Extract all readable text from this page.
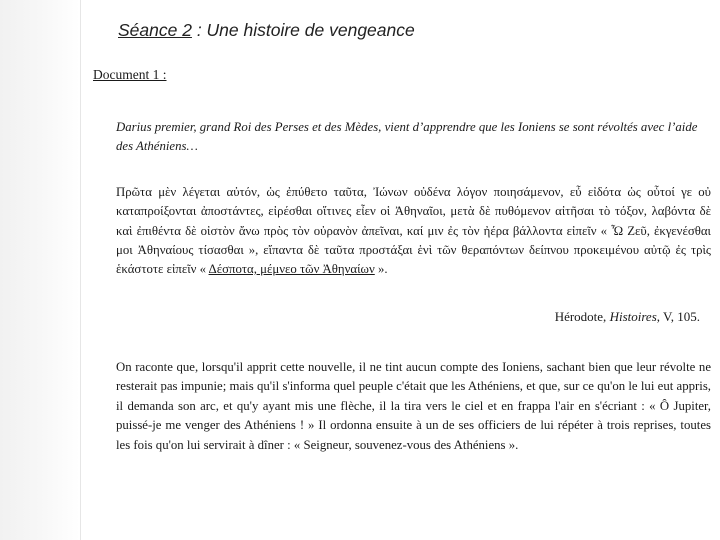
Séance 2 : Une histoire de vengeance
Document 1 :
Darius premier, grand Roi des Perses et des Mèdes, vient d’apprendre que les Ioniens se sont révoltés avec l’aide des Athéniens…
Πρῶτα μὲν λέγεται αὐτόν, ὡς ἐπύθετο ταῦτα, Ἰώνων οὐδένα λόγον ποιησάμενον, εὖ εἰδότα ὡς οὗτοί γε οὐ καταπροίξονται ἀποστάντες, εἰρέσθαι οἵτινες εἶεν οἱ Ἀθηναῖοι, μετὰ δὲ πυθόμενον αἰτῆσαι τὸ τόξον, λαβόντα δὲ καὶ ἐπιθέντα δὲ οἰστὸν ἄνω πρὸς τὸν οὐρανὸν ἀπεῖναι, καί μιν ἐς τὸν ἠέρα βάλλοντα εἰπεῖν « Ὦ Ζεῦ, ἐκγενέσθαι μοι Ἀθηναίους τίσασθαι », εἴπαντα δὲ ταῦτα προστάξαι ἑνὶ τῶν θεραπόντων δείπνου προκειμένου αὐτῷ ἐς τρὶς ἑκάστοτε εἰπεῖν « Δέσποτα, μέμνεο τῶν Ἀθηναίων ».
Hérodote, Histoires, V, 105.
On raconte que, lorsqu'il apprit cette nouvelle, il ne tint aucun compte des Ioniens, sachant bien que leur révolte ne resterait pas impunie; mais qu'il s'informa quel peuple c'était que les Athéniens, et que, sur ce qu'on le lui eut appris, il demanda son arc, et qu'y ayant mis une flèche, il la tira vers le ciel et en frappa l'air en s'écriant : « Ô Jupiter, puissé-je me venger des Athéniens ! » Il ordonna ensuite à un de ses officiers de lui répéter à trois reprises, toutes les fois qu'on lui servirait à dîner : « Seigneur, souvenez-vous des Athéniens ».
